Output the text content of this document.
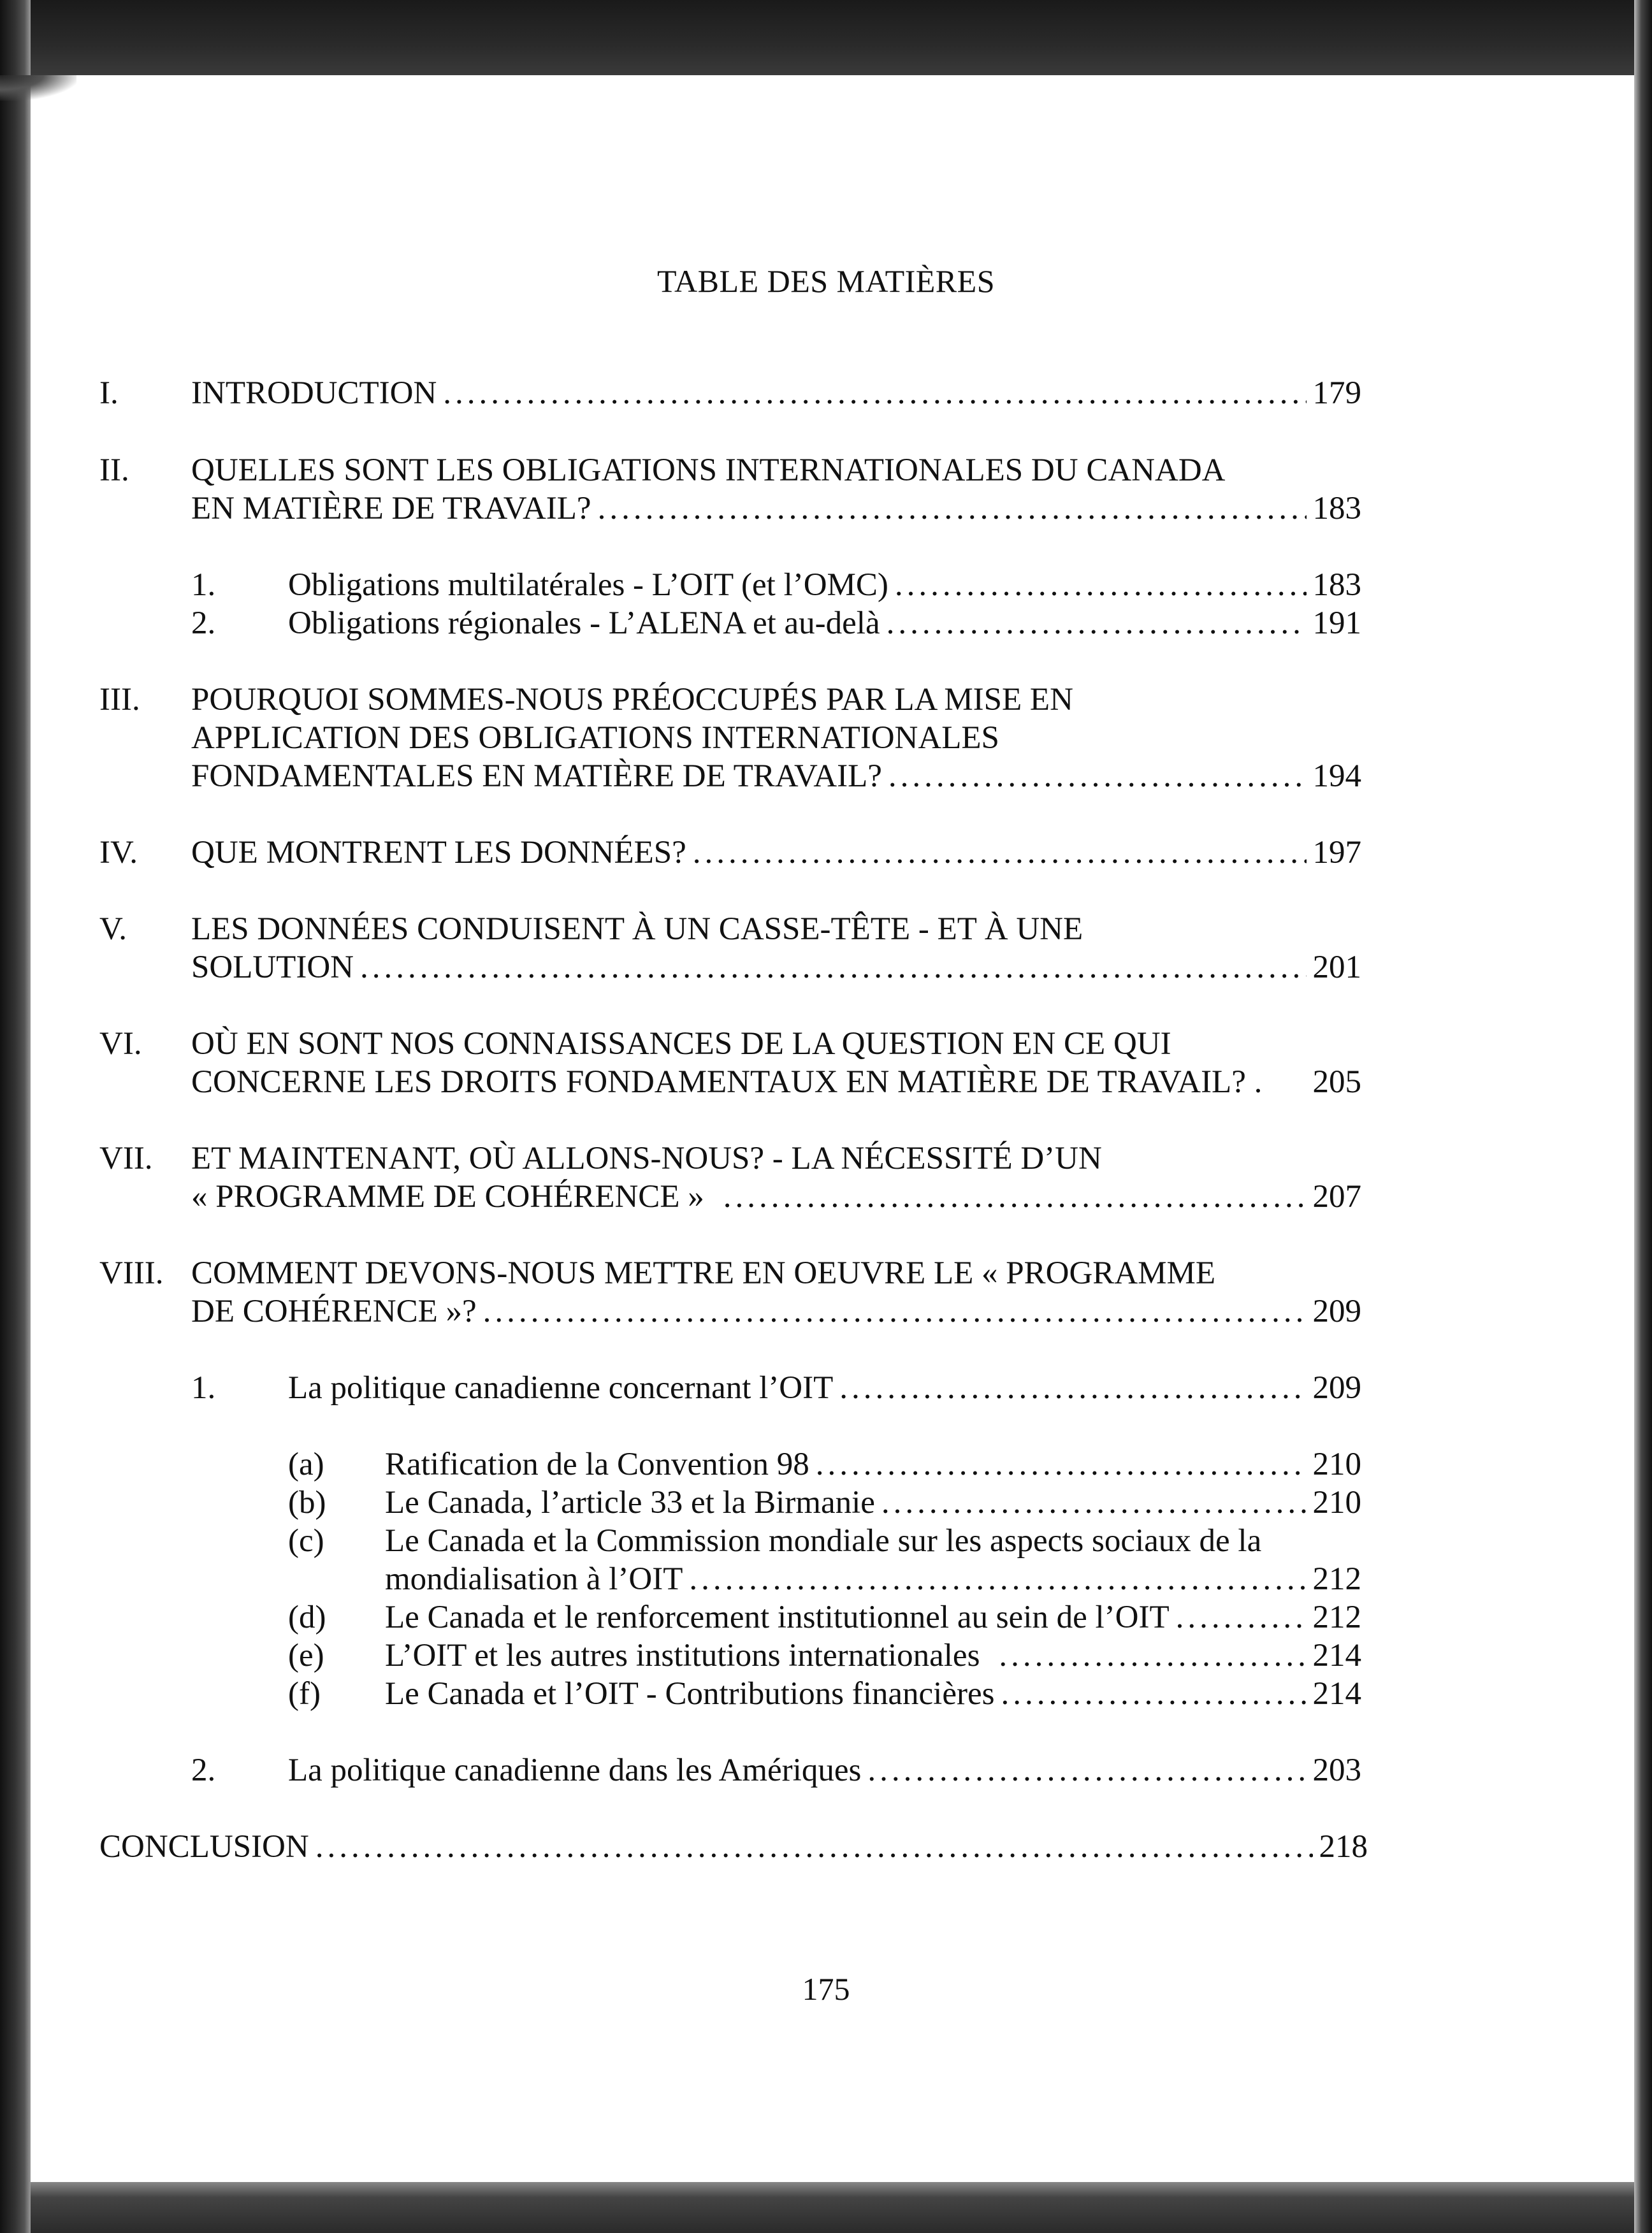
TABLE DES MATIÈRES
I. INTRODUCTION .....	179
II. QUELLES SONT LES OBLIGATIONS INTERNATIONALES DU CANADA
EN MATIÈRE DE TRAVAIL? .....	183
1. Obligations multilatérales - L’OIT (et l’OMC) .....	183
2. Obligations régionales - L’ALENA et au-delà .....	191
III. POURQUOI SOMMES-NOUS PRÉOCCUPÉS PAR LA MISE EN
APPLICATION DES OBLIGATIONS INTERNATIONALES
FONDAMENTALES EN MATIÈRE DE TRAVAIL? .....	194
IV. QUE MONTRENT LES DONNÉES? .....	197
V. LES DONNÉES CONDUISENT À UN CASSE-TÊTE - ET À UNE
SOLUTION .....	201
VI. OÙ EN SONT NOS CONNAISSANCES DE LA QUESTION EN CE QUI
CONCERNE LES DROITS FONDAMENTAUX EN MATIÈRE DE TRAVAIL? .	205
VII. ET MAINTENANT, OÙ ALLONS-NOUS? - LA NÉCESSITÉ D’UN
« PROGRAMME DE COHÉRENCE » .....	207
VIII. COMMENT DEVONS-NOUS METTRE EN OEUVRE LE « PROGRAMME
DE COHÉRENCE »? .....	209
1. La politique canadienne concernant l’OIT .....	209
(a) Ratification de la Convention 98 .....	210
(b) Le Canada, l’article 33 et la Birmanie .....	210
(c) Le Canada et la Commission mondiale sur les aspects sociaux de la
mondialisation à l’OIT .....	212
(d) Le Canada et le renforcement institutionnel au sein de l’OIT .....	212
(e) L’OIT et les autres institutions internationales .....	214
(f) Le Canada et l’OIT - Contributions financières .....	214
2. La politique canadienne dans les Amériques .....	203
CONCLUSION .....	218
175
